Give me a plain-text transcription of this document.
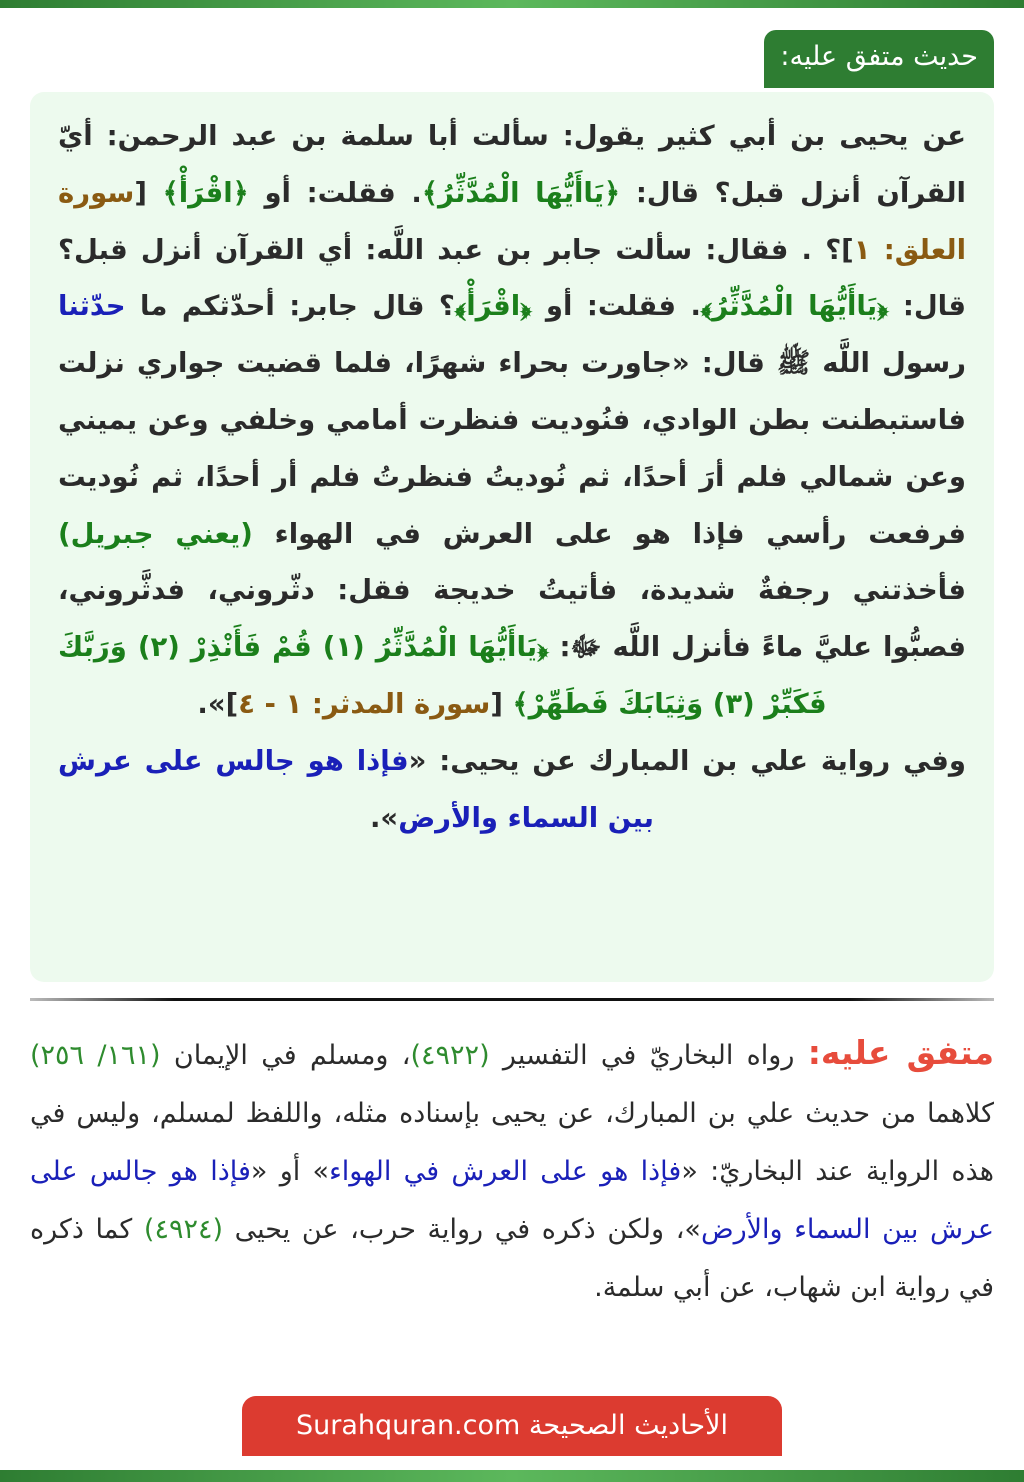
حديث متفق عليه:

عن يحيى بن أبي كثير يقول: سألت أبا سلمة بن عبد الرحمن: أيّ القرآن أنزل قبل؟ قال: ﴿يَاأَيُّهَا الْمُدَّثِّرُ﴾. فقلت: أو ﴿اقْرَأْ﴾ [سورة العلق: ١]؟ . فقال: سألت جابر بن عبد اللَّه: أي القرآن أنزل قبل؟ قال: ﴿يَاأَيُّهَا الْمُدَّثِّرُ﴾. فقلت: أو ﴿اقْرَأْ﴾؟ قال جابر: أحدّثكم ما حدّثنا رسول اللَّه ﷺ قال: «جاورت بحراء شهرًا، فلما قضيت جواري نزلت فاستبطنت بطن الوادي، فنُوديت فنظرت أمامي وخلفي وعن يميني وعن شمالي فلم أرَ أحدًا، ثم نُوديتُ فنظرتُ فلم أر أحدًا، ثم نُوديت فرفعت رأسي فإذا هو على العرش في الهواء (يعني جبريل) فأخذتني رجفةٌ شديدة، فأتيتُ خديجة فقل: دثّروني، فدثَّروني، فصبُّوا عليَّ ماءً فأنزل اللَّه ﷻ: ﴿يَاأَيُّهَا الْمُدَّثِّرُ (١) قُمْ فَأَنْذِرْ (٢) وَرَبَّكَ فَكَبِّرْ (٣) وَثِيَابَكَ فَطَهِّرْ﴾ [سورة المدثر: ١ - ٤]».
وفي رواية علي بن المبارك عن يحيى: «فإذا هو جالس على عرش بين السماء والأرض».

متفق عليه: رواه البخاريّ في التفسير (٤٩٢٢)، ومسلم في الإيمان (١٦١/ ٢٥٦) كلاهما من حديث علي بن المبارك، عن يحيى بإسناده مثله، واللفظ لمسلم، وليس في هذه الرواية عند البخاريّ: «فإذا هو على العرش في الهواء» أو «فإذا هو جالس على عرش بين السماء والأرض»، ولكن ذكره في رواية حرب، عن يحيى (٤٩٢٤) كما ذكره في رواية ابن شهاب، عن أبي سلمة.

الأحاديث الصحيحة Surahquran.com
